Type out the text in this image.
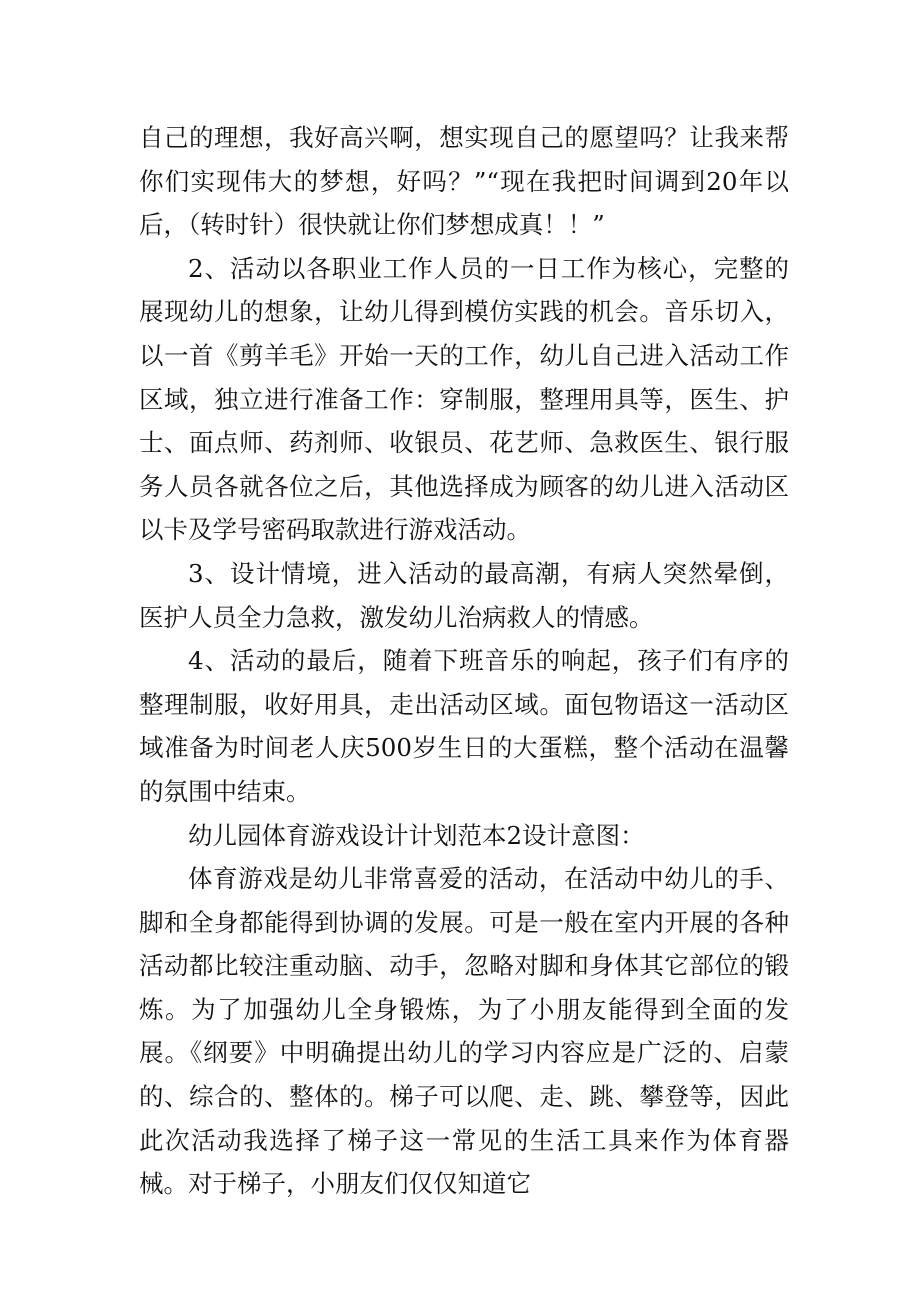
自己的理想，我好高兴啊，想实现自己的愿望吗？让我来帮你们实现伟大的梦想，好吗？”“现在我把时间调到20年以后，（转时针）很快就让你们梦想成真！！”

2、活动以各职业工作人员的一日工作为核心，完整的展现幼儿的想象，让幼儿得到模仿实践的机会。音乐切入，以一首《剪羊毛》开始一天的工作，幼儿自己进入活动工作区域，独立进行准备工作：穿制服，整理用具等，医生、护士、面点师、药剂师、收银员、花艺师、急救医生、银行服务人员各就各位之后，其他选择成为顾客的幼儿进入活动区以卡及学号密码取款进行游戏活动。

3、设计情境，进入活动的最高潮，有病人突然晕倒，医护人员全力急救，激发幼儿治病救人的情感。

4、活动的最后，随着下班音乐的响起，孩子们有序的整理制服，收好用具，走出活动区域。面包物语这一活动区域准备为时间老人庆500岁生日的大蛋糕，整个活动在温馨的氛围中结束。

幼儿园体育游戏设计计划范本2设计意图：

体育游戏是幼儿非常喜爱的活动，在活动中幼儿的手、脚和全身都能得到协调的发展。可是一般在室内开展的各种活动都比较注重动脑、动手，忽略对脚和身体其它部位的锻炼。为了加强幼儿全身锻炼，为了小朋友能得到全面的发展。《纲要》中明确提出幼儿的学习内容应是广泛的、启蒙的、综合的、整体的。梯子可以爬、走、跳、攀登等，因此此次活动我选择了梯子这一常见的生活工具来作为体育器械。对于梯子，小朋友们仅仅知道它
